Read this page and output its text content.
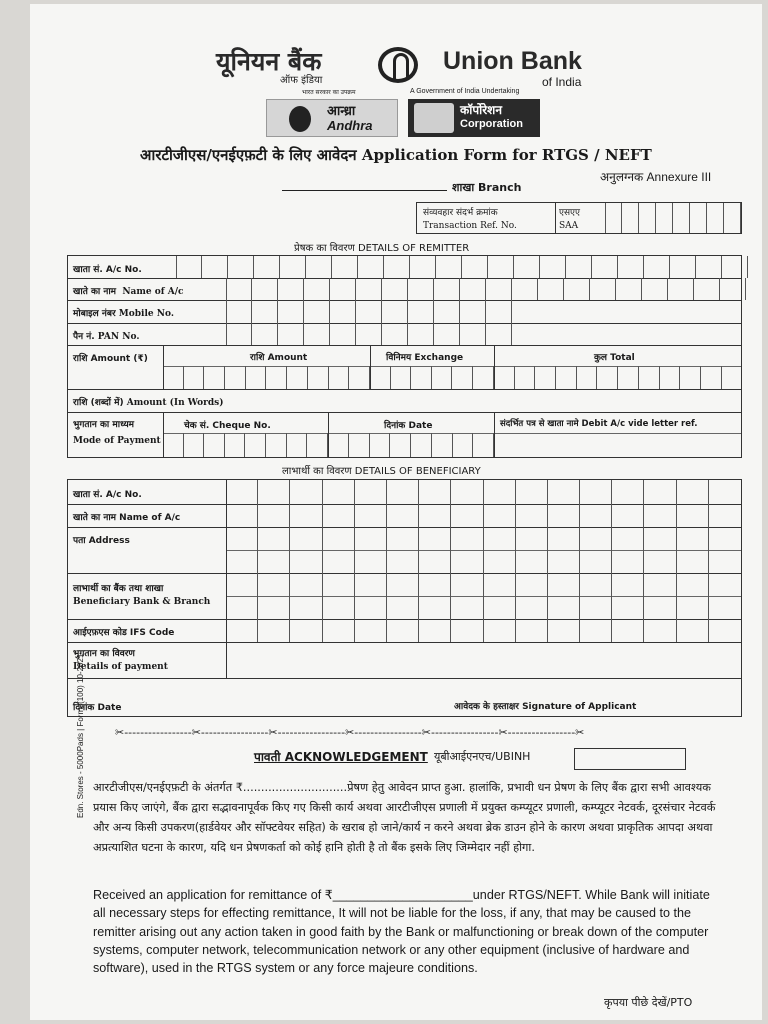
यूनियन बैंक
ऑफ इंडिया
Union Bank
of India
भारत सरकार का उपक्रम	A Government of India Undertaking
आन्ध्रा
Andhra
कॉर्पोरेशन
Corporation
आरटीजीएस/एनईएफ़टी के लिए आवेदन Application Form for RTGS / NEFT
अनुलग्नक Annexure III
शाखा Branch
संव्यवहार संदर्भ क्रमांक
Transaction Ref. No.
एसएए
SAA
प्रेषक का विवरण DETAILS OF REMITTER
खाता सं. A/c No.
खाते का नाम Name of A/c
मोबाइल नंबर Mobile No.
पैन नं. PAN No.
राशि Amount (₹)	राशि Amount	विनिमय Exchange	कुल Total
राशि (शब्दों में) Amount (In Words)
भुगतान का माध्यम
Mode of Payment
चेक सं. Cheque No.	दिनांक Date	संदर्भित पत्र से खाता नामे Debit A/c vide letter ref.
लाभार्थी का विवरण DETAILS OF BENEFICIARY
खाता सं. A/c No.
खाते का नाम Name of A/c
पता Address
लाभार्थी का बैंक तथा शाखा
Beneficiary Bank & Branch
आईएफ़एस कोड IFS Code
भुगतान का विवरण
Details of payment
दिनांक Date	आवेदक के हस्ताक्षर Signature of Applicant
✂-----------------✂-----------------✂-----------------✂-----------------✂-----------------✂-----------------✂
पावती ACKNOWLEDGEMENT यूबीआईएनएच/UBINH
Edn. Stores - 5000Pads | Forms(100) 10-2021 आरटीजीएस/एनईएफ़टी के अंतर्गत ₹.............................प्रेषण हेतु आवेदन प्राप्त हुआ. हालांकि, प्रभावी धन प्रेषण के लिए बैंक द्वारा सभी आवश्यक प्रयास किए जाएंगे, बैंक द्वारा सद्भावनापूर्वक किए गए किसी कार्य अथवा आरटीजीएस प्रणाली में प्रयुक्त कम्प्यूटर प्रणाली, कम्प्यूटर नेटवर्क, दूरसंचार नेटवर्क और अन्य किसी उपकरण(हार्डवेयर और सॉफ्टवेयर सहित) के खराब हो जाने/कार्य न करने अथवा ब्रेक डाउन होने के कारण अथवा प्राकृतिक आपदा अथवा अप्रत्याशित घटना के कारण, यदि धन प्रेषणकर्ता को कोई हानि होती है तो बैंक इसके लिए जिम्मेदार नहीं होगा.
Received an application for remittance of ₹____________________under RTGS/NEFT. While Bank will initiate all necessary steps for effecting remittance, It will not be liable for the loss, if any, that may be caused to the remitter arising out any action taken in good faith by the Bank or malfunctioning or break down of the computer systems, computer network, telecommunication network or any other equipment (inclusive of hardware and software), used in the RTGS system or any force majeure conditions.
कृपया पीछे देखें/PTO
